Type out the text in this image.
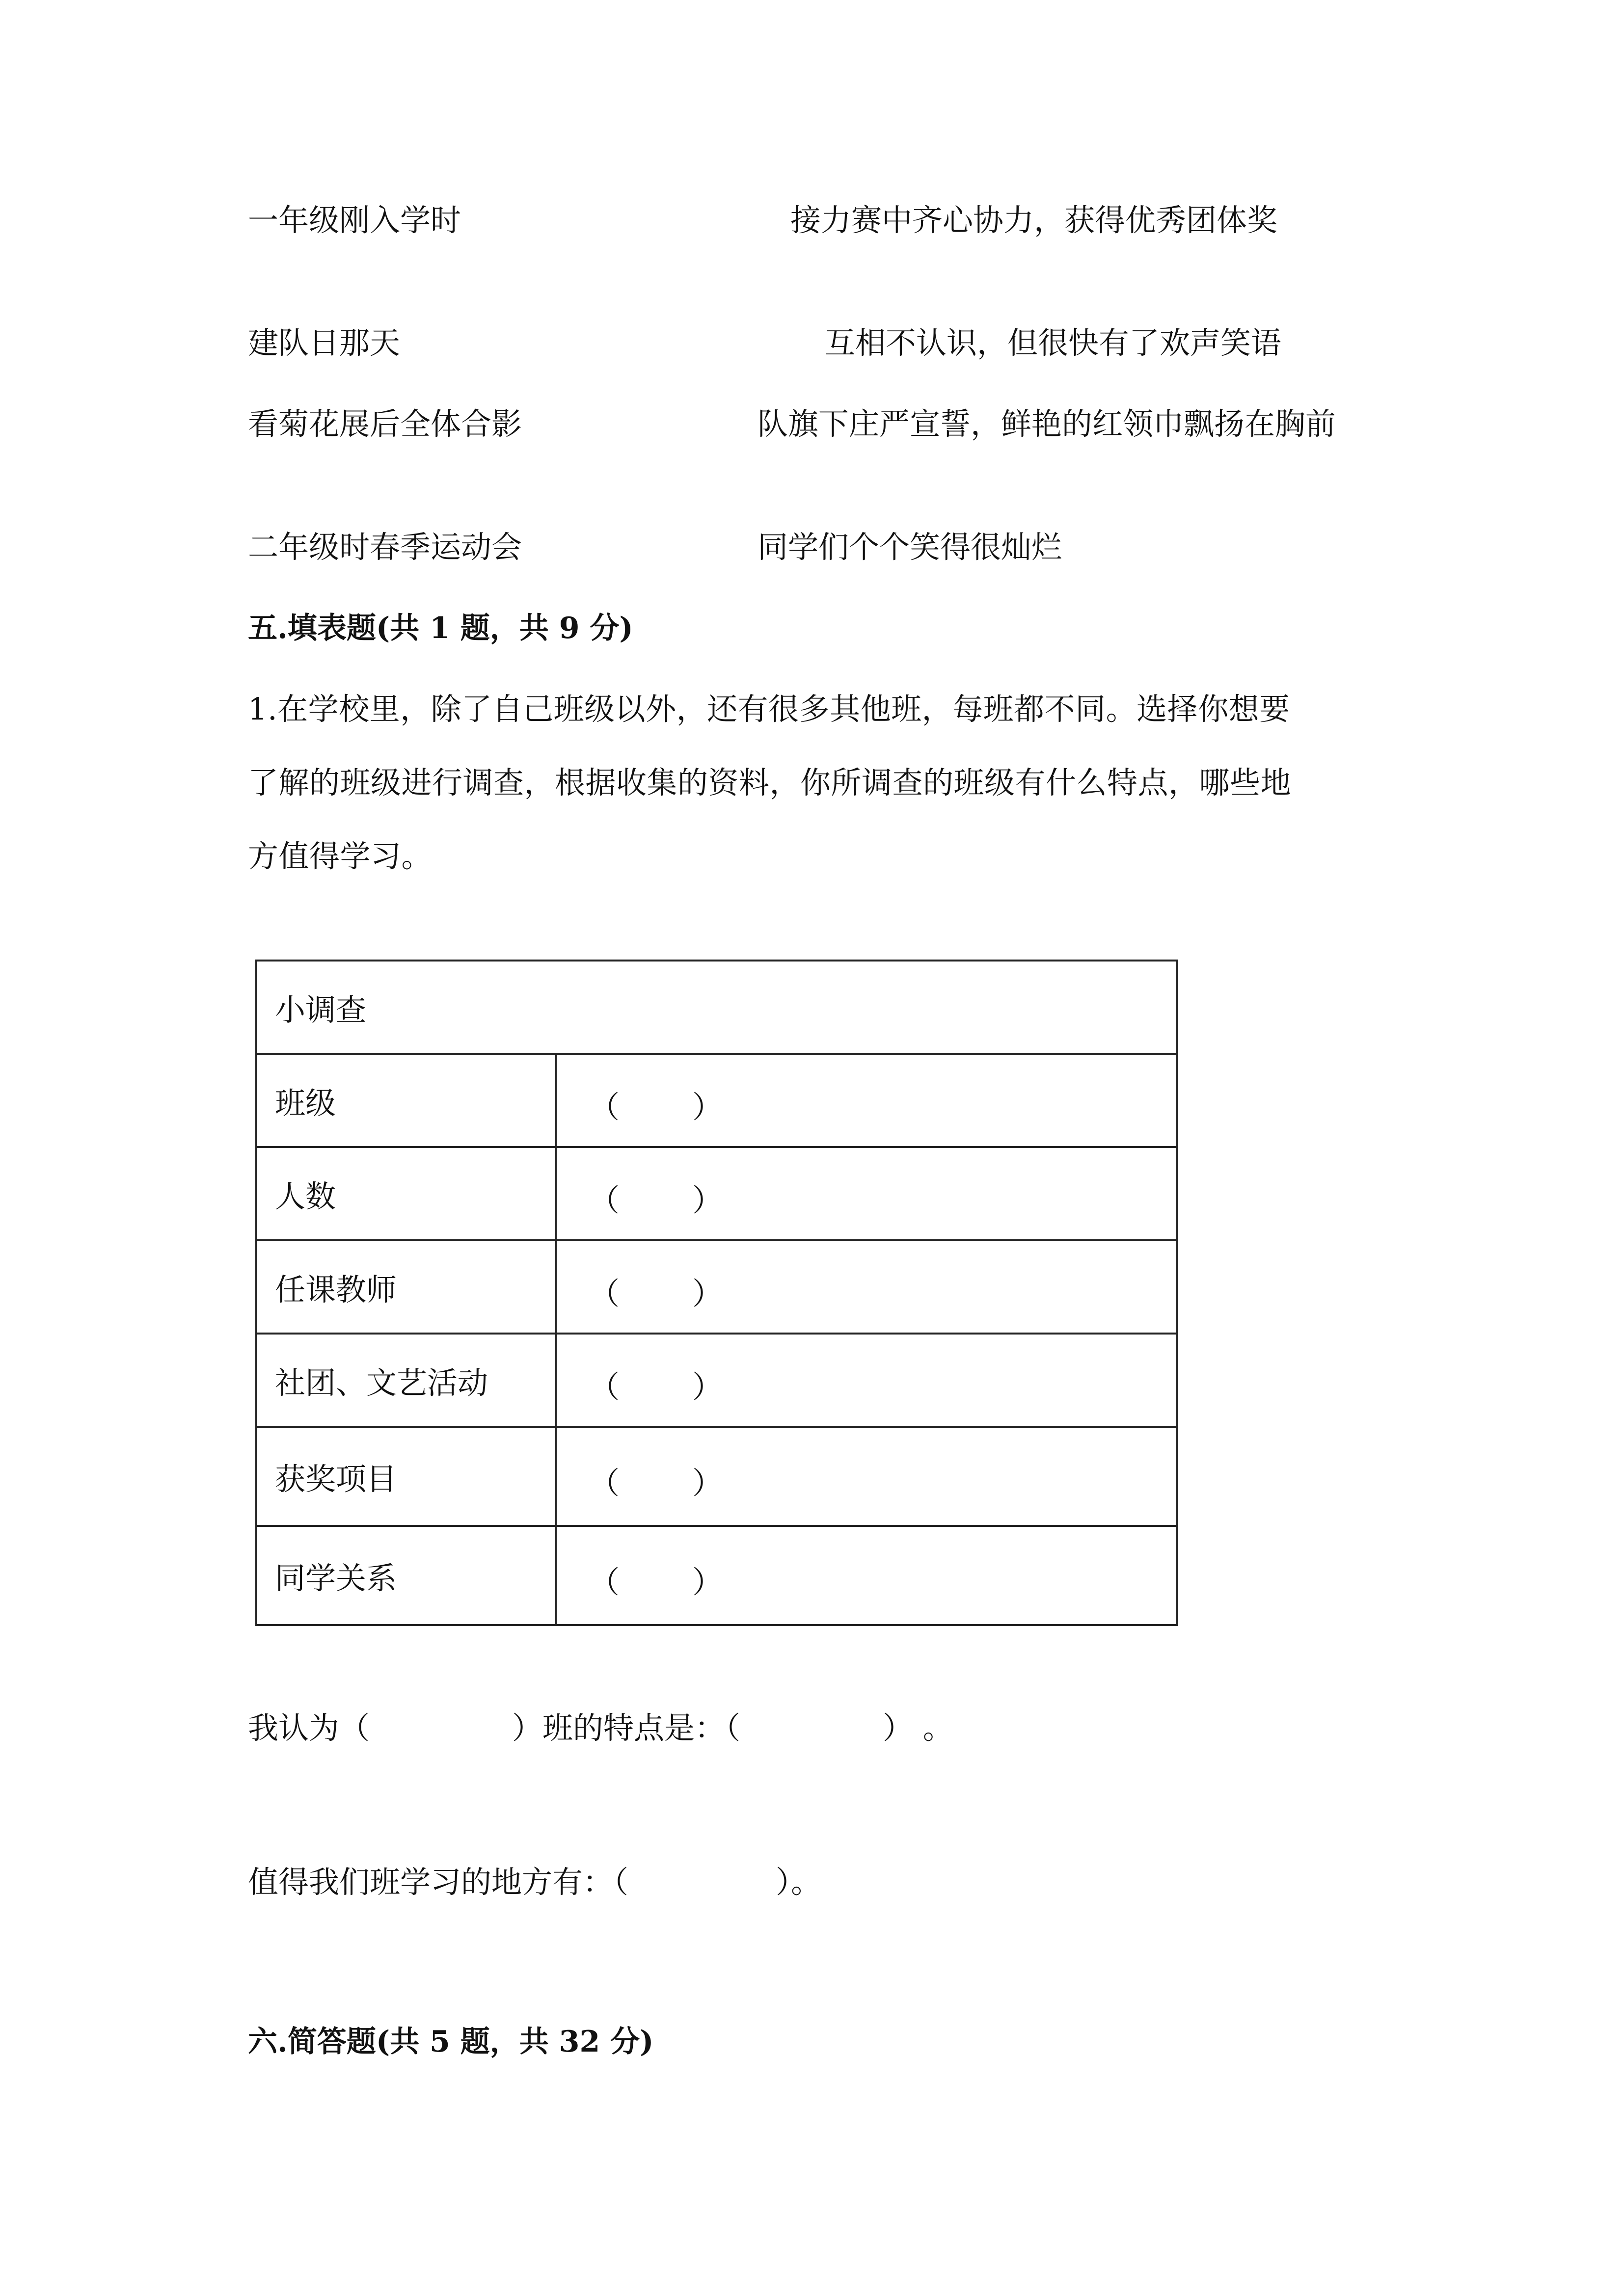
一年级刚入学时	接力赛中齐心协力，获得优秀团体奖
建队日那天	互相不认识，但很快有了欢声笑语
看菊花展后全体合影	队旗下庄严宣誓，鲜艳的红领巾飘扬在胸前
二年级时春季运动会	同学们个个笑得很灿烂
五.填表题(共 1 题，共 9 分)
1.在学校里，除了自己班级以外，还有很多其他班，每班都不同。选择你想要
了解的班级进行调查，根据收集的资料，你所调查的班级有什么特点，哪些地
方值得学习。
小调查	
班级	（ ）

人数	（ ）

任课教师	（ ）

社团、文艺活动	（ ）

获奖项目	（ ）

同学关系	（ ）
我认为（	）班的特点是：（	） 。
值得我们班学习的地方有：（	）。
六.简答题(共 5 题，共 32 分)
